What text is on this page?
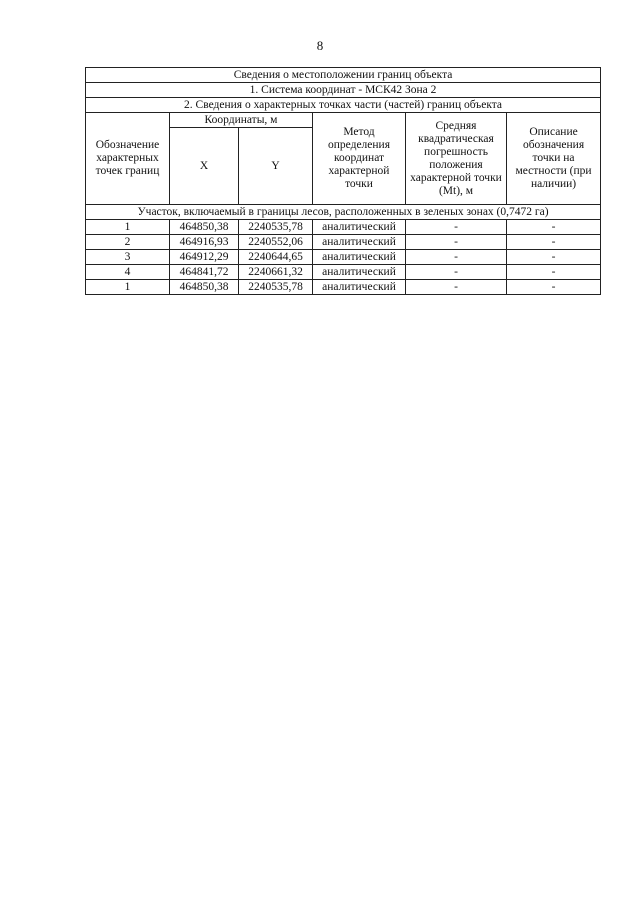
8
Сведения о местоположении границ объекта					
1. Система координат - МСК42 Зона 2					
2. Сведения о характерных точках части (частей) границ объекта					
Обозначение характерных точек границ	Координаты, м		Метод определения координат характерной точки	Средняя квадратическая погрешность положения характерной точки (Mt), м	Описание обозначения точки на местности (при наличии)
	X	Y			
Участок, включаемый в границы лесов, расположенных в зеленых зонах (0,7472 га)					
1	464850,38	2240535,78	аналитический	-	-
2	464916,93	2240552,06	аналитический	-	-
3	464912,29	2240644,65	аналитический	-	-
4	464841,72	2240661,32	аналитический	-	-
1	464850,38	2240535,78	аналитический	-	-
